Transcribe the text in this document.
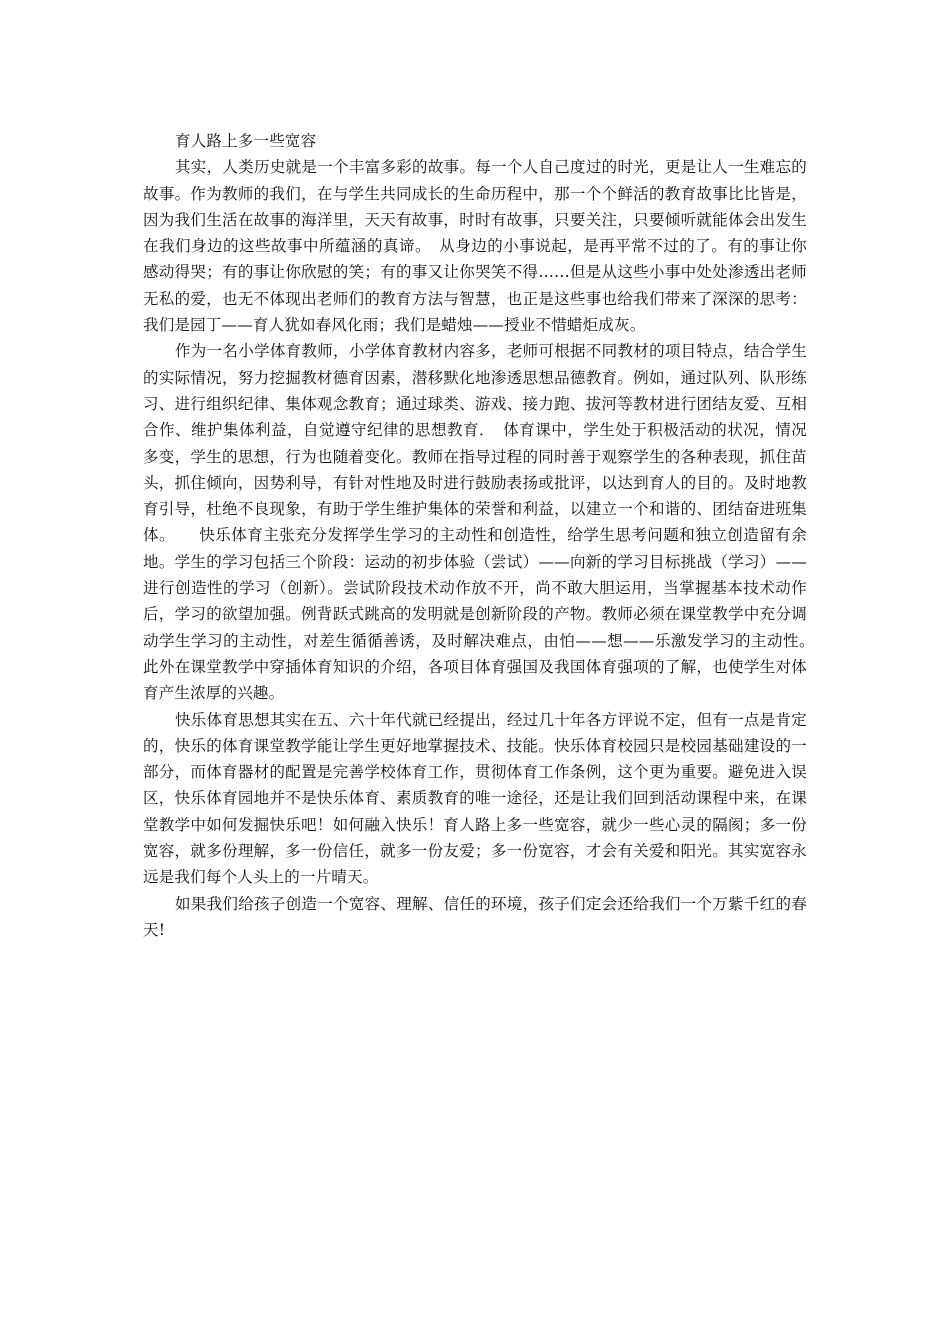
育人路上多一些宽容

其实，人类历史就是一个丰富多彩的故事。每一个人自己度过的时光，更是让人一生难忘的故事。作为教师的我们，在与学生共同成长的生命历程中，那一个个鲜活的教育故事比比皆是，因为我们生活在故事的海洋里，天天有故事，时时有故事，只要关注，只要倾听就能体会出发生在我们身边的这些故事中所蕴涵的真谛。　从身边的小事说起，是再平常不过的了。有的事让你感动得哭；有的事让你欣慰的笑；有的事又让你哭笑不得……但是从这些小事中处处渗透出老师无私的爱，也无不体现出老师们的教育方法与智慧，也正是这些事也给我们带来了深深的思考：我们是园丁——育人犹如春风化雨；我们是蜡烛——授业不惜蜡炬成灰。

作为一名小学体育教师，小学体育教材内容多，老师可根据不同教材的项目特点，结合学生的实际情况，努力挖掘教材德育因素，潜移默化地渗透思想品德教育。例如，通过队列、队形练习、进行组织纪律、集体观念教育；通过球类、游戏、接力跑、拔河等教材进行团结友爱、互相合作、维护集体利益，自觉遵守纪律的思想教育．　体育课中，学生处于积极活动的状况，情况多变，学生的思想，行为也随着变化。教师在指导过程的同时善于观察学生的各种表现，抓住苗头，抓住倾向，因势利导，有针对性地及时进行鼓励表扬或批评，以达到育人的目的。及时地教育引导，杜绝不良现象，有助于学生维护集体的荣誉和利益，以建立一个和谐的、团结奋进班集体。　　快乐体育主张充分发挥学生学习的主动性和创造性，给学生思考问题和独立创造留有余地。学生的学习包括三个阶段：运动的初步体验（尝试）——向新的学习目标挑战（学习）——进行创造性的学习（创新）。尝试阶段技术动作放不开，尚不敢大胆运用，当掌握基本技术动作后，学习的欲望加强。例背跃式跳高的发明就是创新阶段的产物。教师必须在课堂教学中充分调动学生学习的主动性，对差生循循善诱，及时解决难点，由怕——想——乐激发学习的主动性。　此外在课堂教学中穿插体育知识的介绍，各项目体育强国及我国体育强项的了解，也使学生对体育产生浓厚的兴趣。

快乐体育思想其实在五、六十年代就已经提出，经过几十年各方评说不定，但有一点是肯定的，快乐的体育课堂教学能让学生更好地掌握技术、技能。快乐体育校园只是校园基础建设的一部分，而体育器材的配置是完善学校体育工作，贯彻体育工作条例，这个更为重要。避免进入误区，快乐体育园地并不是快乐体育、素质教育的唯一途径，还是让我们回到活动课程中来，在课堂教学中如何发掘快乐吧！如何融入快乐！育人路上多一些宽容，就少一些心灵的隔阂；多一份宽容，就多份理解，多一份信任，就多一份友爱；多一份宽容，才会有关爱和阳光。其实宽容永远是我们每个人头上的一片晴天。

如果我们给孩子创造一个宽容、理解、信任的环境，孩子们定会还给我们一个万紫千红的春天!
